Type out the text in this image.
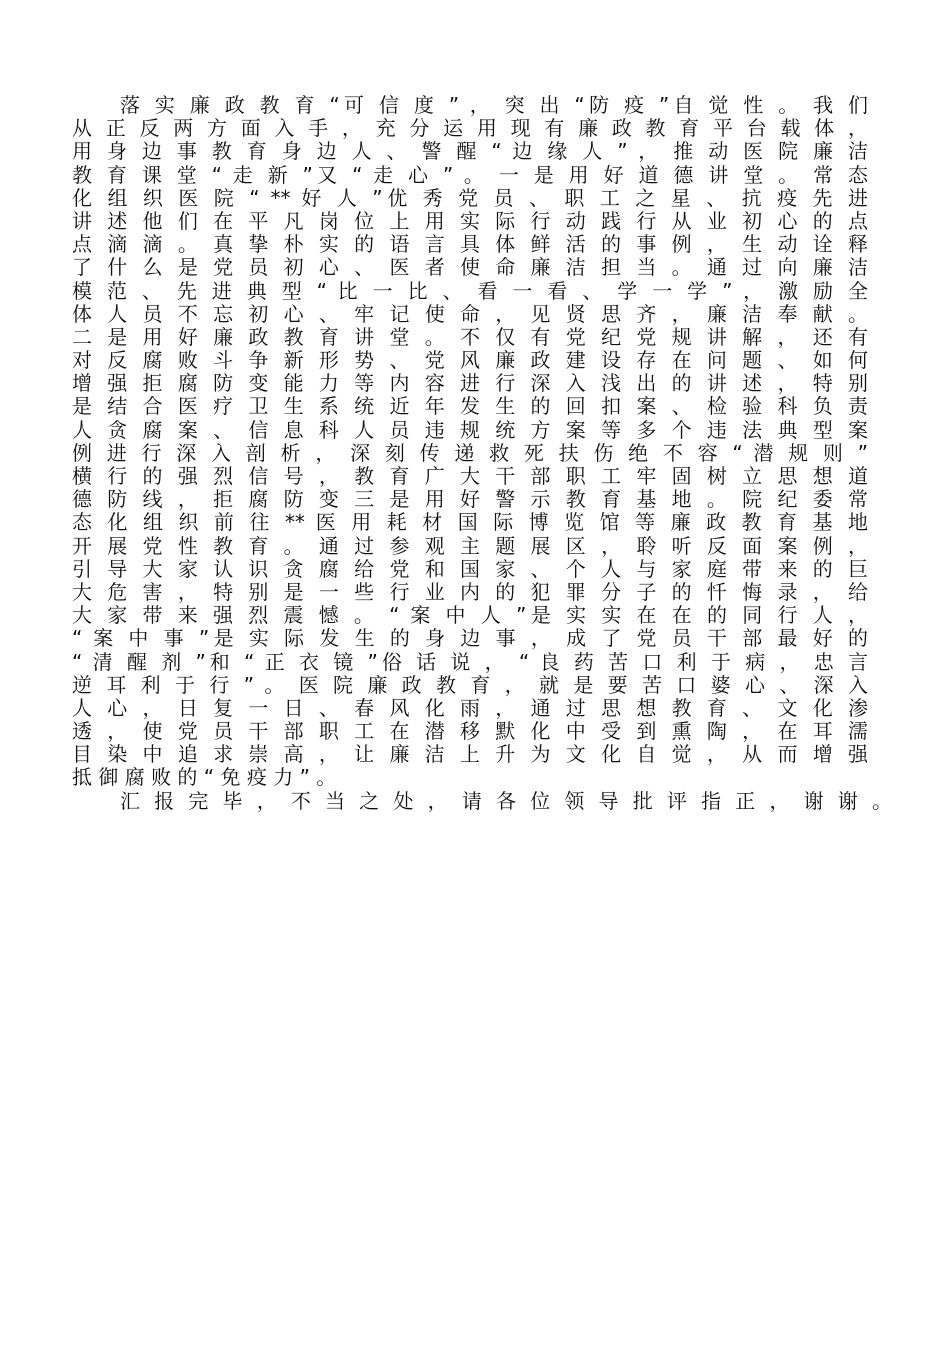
落 实 廉 政 教 育 “可 信 度 ” ， 突 出 “防 疫 ”自 觉 性 。 我 们
从 正 反 两 方 面 入 手 ， 充 分 运 用 现 有 廉 政 教 育 平 台 载 体 ，
用 身 边 事 教 育 身 边 人 、 警 醒 “ 边 缘 人 ” ， 推 动 医 院 廉 洁
教 育 课 堂 “ 走 新 ”又 “ 走 心 ” 。 一 是 用 好 道 德 讲 堂 。 常 态
化 组 织 医 院 “ ** 好 人 ”优 秀 党 员 、 职 工 之 星 、 抗 疫 先 进
讲 述 他 们 在 平 凡 岗 位 上 用 实 际 行 动 践 行 从 业 初 心 的 点
点 滴 滴 。 真 挚 朴 实 的 语 言 具 体 鲜 活 的 事 例 ， 生 动 诠 释
了 什 么 是 党 员 初 心 、 医 者 使 命 廉 洁 担 当 。 通 过 向 廉 洁
模 范 、 先 进 典 型 “ 比 一 比 、 看 一 看 、 学 一 学 ” ， 激 励 全
体 人 员 不 忘 初 心 、 牢 记 使 命 ， 见 贤 思 齐 ， 廉 洁 奉 献 。
二 是 用 好 廉 政 教 育 讲 堂 。 不 仅 有 党 纪 党 规 讲 解 ， 还 有
对 反 腐 败 斗 争 新 形 势 、 党 风 廉 政 建 设 存 在 问 题 、 如 何
增 强 拒 腐 防 变 能 力 等 内 容 进 行 深 入 浅 出 的 讲 述 ， 特 别
是 结 合 医 疗 卫 生 系 统 近 年 发 生 的 回 扣 案 、 检 验 科 负 责
人 贪 腐 案 、 信 息 科 人 员 违 规 统 方 案 等 多 个 违 法 典 型 案
例 进 行 深 入 剖 析 ， 深 刻 传 递 救 死 扶 伤 绝 不 容 “ 潜 规 则 ”
横 行 的 强 烈 信 号 ， 教 育 广 大 干 部 职 工 牢 固 树 立 思 想 道
德 防 线 ， 拒 腐 防 变 三 是 用 好 警 示 教 育 基 地 。 院 纪 委 常
态 化 组 织 前 往 ** 医 用 耗 材 国 际 博 览 馆 等 廉 政 教 育 基 地
开 展 党 性 教 育 。 通 过 参 观 主 题 展 区 ， 聆 听 反 面 案 例 ，
引 导 大 家 认 识 贪 腐 给 党 和 国 家 、 个 人 与 家 庭 带 来 的 巨
大 危 害 ， 特 别 是 一 些 行 业 内 的 犯 罪 分 子 的 忏 悔 录 ， 给
大 家 带 来 强 烈 震 憾 。 “ 案 中 人 ”是 实 实 在 在 的 同 行 人 ，
“ 案 中 事 ”是 实 际 发 生 的 身 边 事 ， 成 了 党 员 干 部 最 好 的
“ 清 醒 剂 ”和 “ 正 衣 镜 ”俗 话 说 ， “ 良 药 苦 口 利 于 病 ， 忠 言
逆 耳 利 于 行 ” 。 医 院 廉 政 教 育 ， 就 是 要 苦 口 婆 心 、 深 入
人 心 ， 日 复 一 日 、 春 风 化 雨 ， 通 过 思 想 教 育 、 文 化 渗
透 ， 使 党 员 干 部 职 工 在 潜 移 默 化 中 受 到 熏 陶 ， 在 耳 濡
目 染 中 追 求 崇 高 ， 让 廉 洁 上 升 为 文 化 自 觉 ， 从 而 增 强
抵 御 腐 败 的 “ 免 疫 力 ” 。
汇 报 完 毕 ， 不 当 之 处 ， 请 各 位 领 导 批 评 指 正 ， 谢 谢 。
